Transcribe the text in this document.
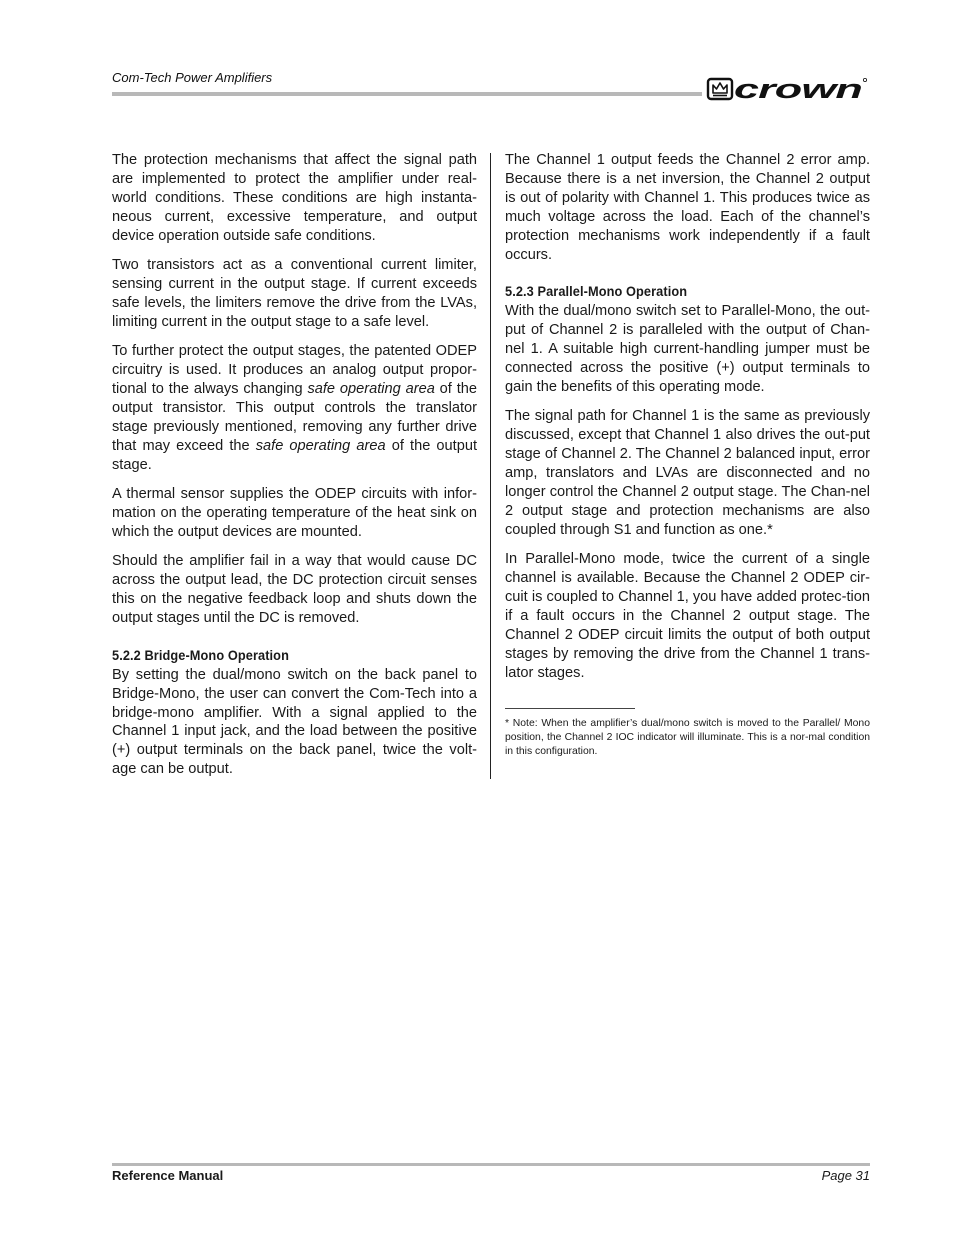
Com-Tech Power Amplifiers	crown

The protection mechanisms that affect the signal path are implemented to protect the amplifier under real-world conditions. These conditions are high instanta-neous current, excessive temperature, and output device operation outside safe conditions.

Two transistors act as a conventional current limiter, sensing current in the output stage. If current exceeds safe levels, the limiters remove the drive from the LVAs, limiting current in the output stage to a safe level.

To further protect the output stages, the patented ODEP circuitry is used. It produces an analog output propor-tional to the always changing safe operating area of the output transistor. This output controls the translator stage previously mentioned, removing any further drive that may exceed the safe operating area of the output stage.

A thermal sensor supplies the ODEP circuits with infor-mation on the operating temperature of the heat sink on which the output devices are mounted.

Should the amplifier fail in a way that would cause DC across the output lead, the DC protection circuit senses this on the negative feedback loop and shuts down the output stages until the DC is removed.

5.2.2 Bridge-Mono Operation

By setting the dual/mono switch on the back panel to Bridge-Mono, the user can convert the Com-Tech into a bridge-mono amplifier. With a signal applied to the Channel 1 input jack, and the load between the positive (+) output terminals on the back panel, twice the volt-age can be output.

The Channel 1 output feeds the Channel 2 error amp. Because there is a net inversion, the Channel 2 output is out of polarity with Channel 1. This produces twice as much voltage across the load. Each of the channel’s protection mechanisms work independently if a fault occurs.

5.2.3 Parallel-Mono Operation

With the dual/mono switch set to Parallel-Mono, the out-put of Channel 2 is paralleled with the output of Chan-nel 1. A suitable high current-handling jumper must be connected across the positive (+) output terminals to gain the benefits of this operating mode.

The signal path for Channel 1 is the same as previously discussed, except that Channel 1 also drives the out-put stage of Channel 2. The Channel 2 balanced input, error amp, translators and LVAs are disconnected and no longer control the Channel 2 output stage. The Chan-nel 2 output stage and protection mechanisms are also coupled through S1 and function as one.*

In Parallel-Mono mode, twice the current of a single channel is available. Because the Channel 2 ODEP cir-cuit is coupled to Channel 1, you have added protec-tion if a fault occurs in the Channel 2 output stage. The Channel 2 ODEP circuit limits the output of both output stages by removing the drive from the Channel 1 trans-lator stages.

* Note: When the amplifier’s dual/mono switch is moved to the Parallel/ Mono position, the Channel 2 IOC indicator will illuminate. This is a nor-mal condition in this configuration.

Reference Manual	Page 31
